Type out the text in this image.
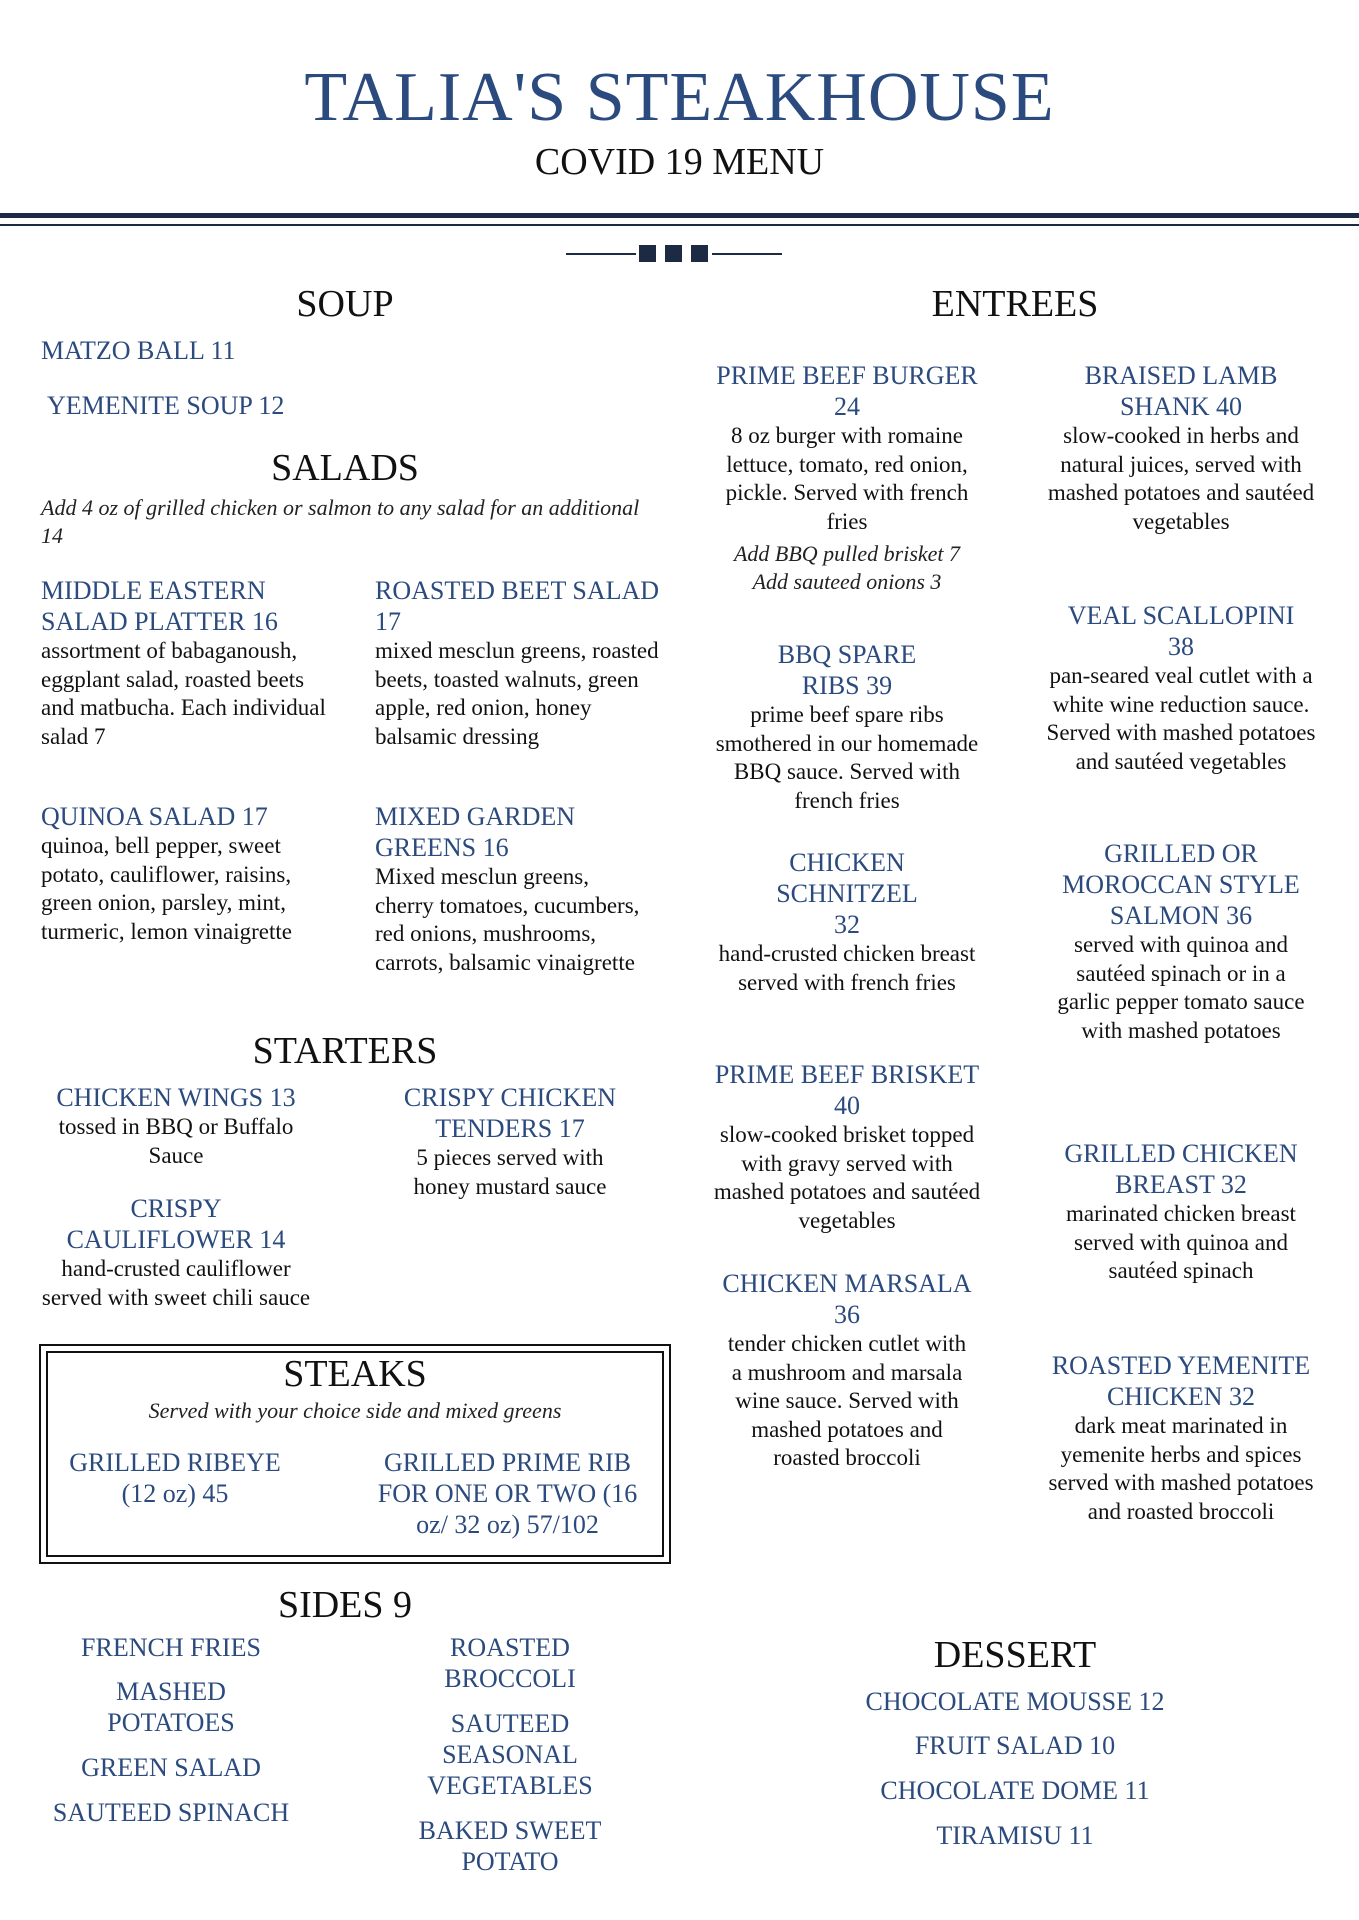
TALIA'S STEAKHOUSE
COVID 19 MENU
SOUP
MATZO BALL 11
YEMENITE SOUP 12
SALADS
Add 4 oz of grilled chicken or salmon to any salad for an additional 14
MIDDLE EASTERN SALAD PLATTER 16
assortment of babaganoush, eggplant salad, roasted beets and matbucha. Each individual salad 7
ROASTED BEET SALAD 17
mixed mesclun greens, roasted beets, toasted walnuts, green apple, red onion, honey balsamic dressing
QUINOA SALAD 17
quinoa, bell pepper, sweet potato, cauliflower, raisins, green onion, parsley, mint, turmeric, lemon vinaigrette
MIXED GARDEN GREENS 16
Mixed mesclun greens, cherry tomatoes, cucumbers, red onions, mushrooms, carrots, balsamic vinaigrette
STARTERS
CHICKEN WINGS 13
tossed in BBQ or Buffalo Sauce
CRISPY CHICKEN TENDERS 17
5 pieces served with honey mustard sauce
CRISPY CAULIFLOWER 14
hand-crusted cauliflower served with sweet chili sauce
STEAKS
Served with your choice side and mixed greens
GRILLED RIBEYE (12 oz) 45
GRILLED PRIME RIB FOR ONE OR TWO (16 oz/ 32 oz) 57/102
SIDES 9
FRENCH FRIES
MASHED POTATOES
GREEN SALAD
SAUTEED SPINACH
ROASTED BROCCOLI
SAUTEED SEASONAL VEGETABLES
BAKED SWEET POTATO
ENTREES
PRIME BEEF BURGER 24
8 oz burger with romaine lettuce, tomato, red onion, pickle. Served with french fries
Add BBQ pulled brisket 7
Add sauteed onions 3
BBQ SPARE RIBS 39
prime beef spare ribs smothered in our homemade BBQ sauce. Served with french fries
CHICKEN SCHNITZEL 32
hand-crusted chicken breast served with french fries
PRIME BEEF BRISKET 40
slow-cooked brisket topped with gravy served with mashed potatoes and sautéed vegetables
CHICKEN MARSALA 36
tender chicken cutlet with a mushroom and marsala wine sauce. Served with mashed potatoes and roasted broccoli
BRAISED LAMB SHANK 40
slow-cooked in herbs and natural juices, served with mashed potatoes and sautéed vegetables
VEAL SCALLOPINI 38
pan-seared veal cutlet with a white wine reduction sauce. Served with mashed potatoes and sautéed vegetables
GRILLED OR MOROCCAN STYLE SALMON 36
served with quinoa and sautéed spinach or in a garlic pepper tomato sauce with mashed potatoes
GRILLED CHICKEN BREAST 32
marinated chicken breast served with quinoa and sautéed spinach
ROASTED YEMENITE CHICKEN 32
dark meat marinated in yemenite herbs and spices served with mashed potatoes and roasted broccoli
DESSERT
CHOCOLATE MOUSSE 12
FRUIT SALAD 10
CHOCOLATE DOME 11
TIRAMISU 11
